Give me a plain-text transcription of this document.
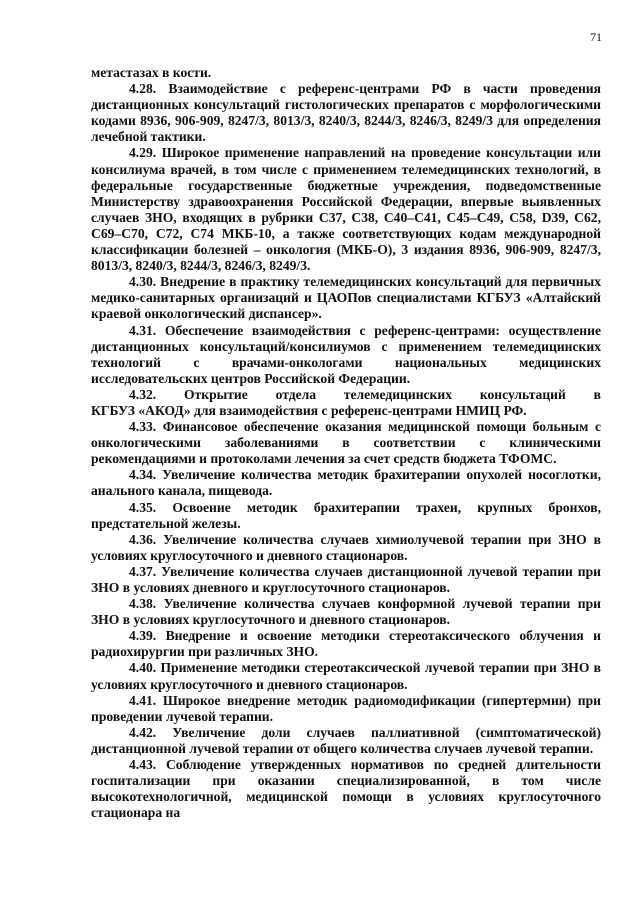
71

метастазах в кости.

4.28. Взаимодействие с референс-центрами РФ в части проведения дистанционных консультаций гистологических препаратов с морфологическими кодами 8936, 906-909, 8247/3, 8013/3, 8240/3, 8244/3, 8246/3, 8249/3 для определения лечебной тактики.

4.29. Широкое применение направлений на проведение консультации или консилиума врачей, в том числе с применением телемедицинских технологий, в федеральные государственные бюджетные учреждения, подведомственные Министерству здравоохранения Российской Федерации, впервые выявленных случаев ЗНО, входящих в рубрики С37, С38, С40–С41, С45–С49, С58, D39, С62, С69–С70, С72, С74 МКБ-10, а также соответствующих кодам международной классификации болезней – онкология (МКБ-О), 3 издания 8936, 906-909, 8247/3, 8013/3, 8240/3, 8244/3, 8246/3, 8249/3.

4.30. Внедрение в практику телемедицинских консультаций для первичных медико-санитарных организаций и ЦАОПов специалистами КГБУЗ «Алтайский краевой онкологический диспансер».

4.31. Обеспечение взаимодействия с референс-центрами: осуществление дистанционных консультаций/консилиумов с применением телемедицинских технологий с врачами-онкологами национальных медицинских исследовательских центров Российской Федерации.

4.32. Открытие отдела телемедицинских консультаций в

КГБУЗ «АКОД» для взаимодействия с референс-центрами НМИЦ РФ.

4.33. Финансовое обеспечение оказания медицинской помощи больным с онкологическими заболеваниями в соответствии с клиническими рекомендациями и протоколами лечения за счет средств бюджета ТФОМС.

4.34. Увеличение количества методик брахитерапии опухолей носоглотки, анального канала, пищевода.

4.35. Освоение методик брахитерапии трахеи, крупных бронхов, предстательной железы.

4.36. Увеличение количества случаев химиолучевой терапии при ЗНО в условиях круглосуточного и дневного стационаров.

4.37. Увеличение количества случаев дистанционной лучевой терапии при ЗНО в условиях дневного и круглосуточного стационаров.

4.38. Увеличение количества случаев конформной лучевой терапии при ЗНО в условиях круглосуточного и дневного стационаров.

4.39. Внедрение и освоение методики стереотаксического облучения и радиохирургии при различных ЗНО.

4.40. Применение методики стереотаксической лучевой терапии при ЗНО в условиях круглосуточного и дневного стационаров.

4.41. Широкое внедрение методик радиомодификации (гипертермии) при проведении лучевой терапии.

4.42. Увеличение доли случаев паллиативной (симптоматической) дистанционной лучевой терапии от общего количества случаев лучевой терапии.

4.43. Соблюдение утвержденных нормативов по средней длительности госпитализации при оказании специализированной, в том числе высокотехнологичной, медицинской помощи в условиях круглосуточного стационара на
